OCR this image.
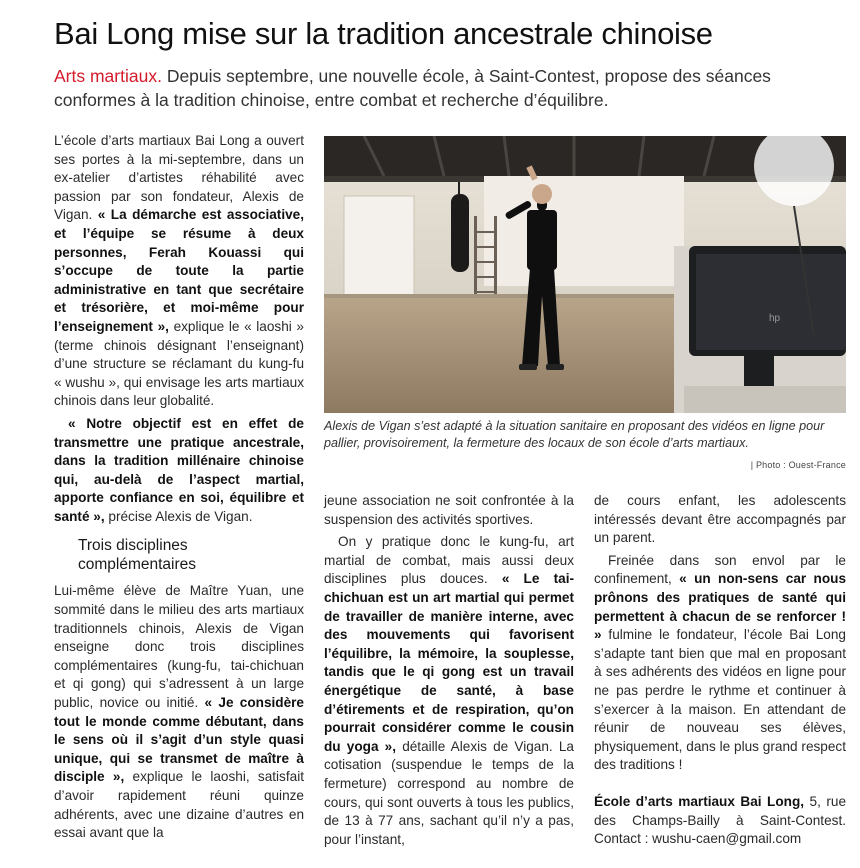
Bai Long mise sur la tradition ancestrale chinoise
Arts martiaux. Depuis septembre, une nouvelle école, à Saint-Contest, propose des séances conformes à la tradition chinoise, entre combat et recherche d’équilibre.

L’école d’arts martiaux Bai Long a ouvert ses portes à la mi-septembre, dans un ex-atelier d’artistes réhabilité avec passion par son fondateur, Alexis de Vigan. « La démarche est associative, et l’équipe se résume à deux personnes, Ferah Kouassi qui s’occupe de toute la partie administrative en tant que secrétaire et trésorière, et moi-même pour l’enseignement », explique le « laoshi » (terme chinois désignant l’enseignant) d’une structure se réclamant du kung-fu « wushu », qui envisage les arts martiaux chinois dans leur globalité.

« Notre objectif est en effet de transmettre une pratique ancestrale, dans la tradition millénaire chinoise qui, au-delà de l’aspect martial, apporte confiance en soi, équilibre et santé », précise Alexis de Vigan.

Trois disciplines complémentaires

Lui-même élève de Maître Yuan, une sommité dans le milieu des arts martiaux traditionnels chinois, Alexis de Vigan enseigne donc trois disciplines complémentaires (kung-fu, tai-chichuan et qi gong) qui s’adressent à un large public, novice ou initié. « Je considère tout le monde comme débutant, dans le sens où il s’agit d’un style quasi unique, qui se transmet de maître à disciple », explique le laoshi, satisfait d’avoir rapidement réuni quinze adhérents, avec une dizaine d’autres en essai avant que la

hp
Alexis de Vigan s’est adapté à la situation sanitaire en proposant des vidéos en ligne pour pallier, provisoirement, la fermeture des locaux de son école d’arts martiaux.
| Photo : Ouest-France

jeune association ne soit confrontée à la suspension des activités sportives.

On y pratique donc le kung-fu, art martial de combat, mais aussi deux disciplines plus douces. « Le tai-chichuan est un art martial qui permet de travailler de manière interne, avec des mouvements qui favorisent l’équilibre, la mémoire, la souplesse, tandis que le qi gong est un travail énergétique de santé, à base d’étirements et de respiration, qu’on pourrait considérer comme le cousin du yoga », détaille Alexis de Vigan. La cotisation (suspendue le temps de la fermeture) correspond au nombre de cours, qui sont ouverts à tous les publics, de 13 à 77 ans, sachant qu’il n’y a pas, pour l’instant,

de cours enfant, les adolescents intéressés devant être accompagnés par un parent.

Freinée dans son envol par le confinement, « un non-sens car nous prônons des pratiques de santé qui permettent à chacun de se renforcer ! » fulmine le fondateur, l’école Bai Long s’adapte tant bien que mal en proposant à ses adhérents des vidéos en ligne pour ne pas perdre le rythme et continuer à s’exercer à la maison. En attendant de réunir de nouveau ses élèves, physiquement, dans le plus grand respect des traditions !

École d’arts martiaux Bai Long, 5, rue des Champs-Bailly à Saint-Contest. Contact : wushu-caen@gmail.com
